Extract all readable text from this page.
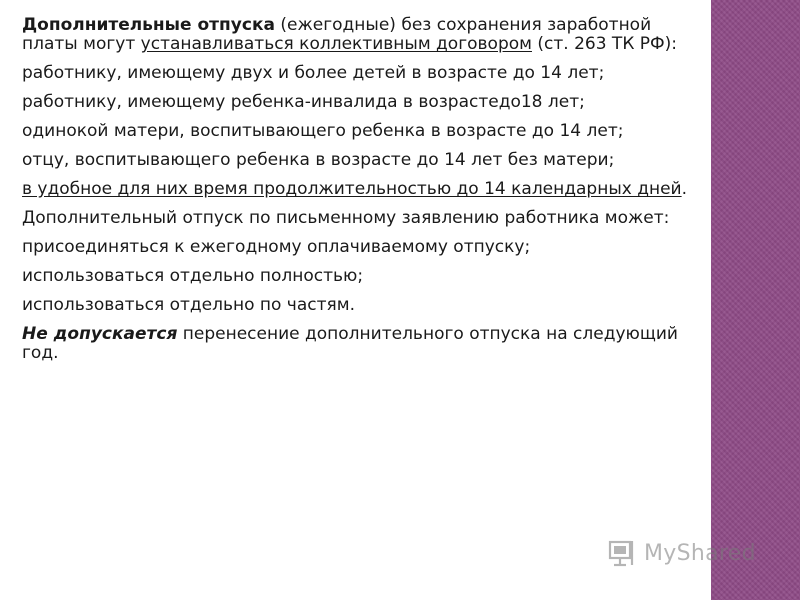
Дополнительные отпуска (ежегодные) без сохранения заработной платы могут устанавливаться коллективным договором (ст. 263 ТК РФ):

работнику, имеющему двух и более детей в возрасте до 14 лет;

работнику, имеющему ребенка-инвалида в возрастедо18 лет;

одинокой матери, воспитывающего ребенка в возрасте до 14 лет;

отцу, воспитывающего ребенка в возрасте до 14 лет без матери;

в удобное для них время продолжительностью до 14 календарных дней.

Дополнительный отпуск по письменному заявлению работника может:

присоединяться к ежегодному оплачиваемому отпуску;

использоваться отдельно полностью;

использоваться отдельно по частям.

Не допускается перенесение дополнительного отпуска на следующий год.

MyShared
